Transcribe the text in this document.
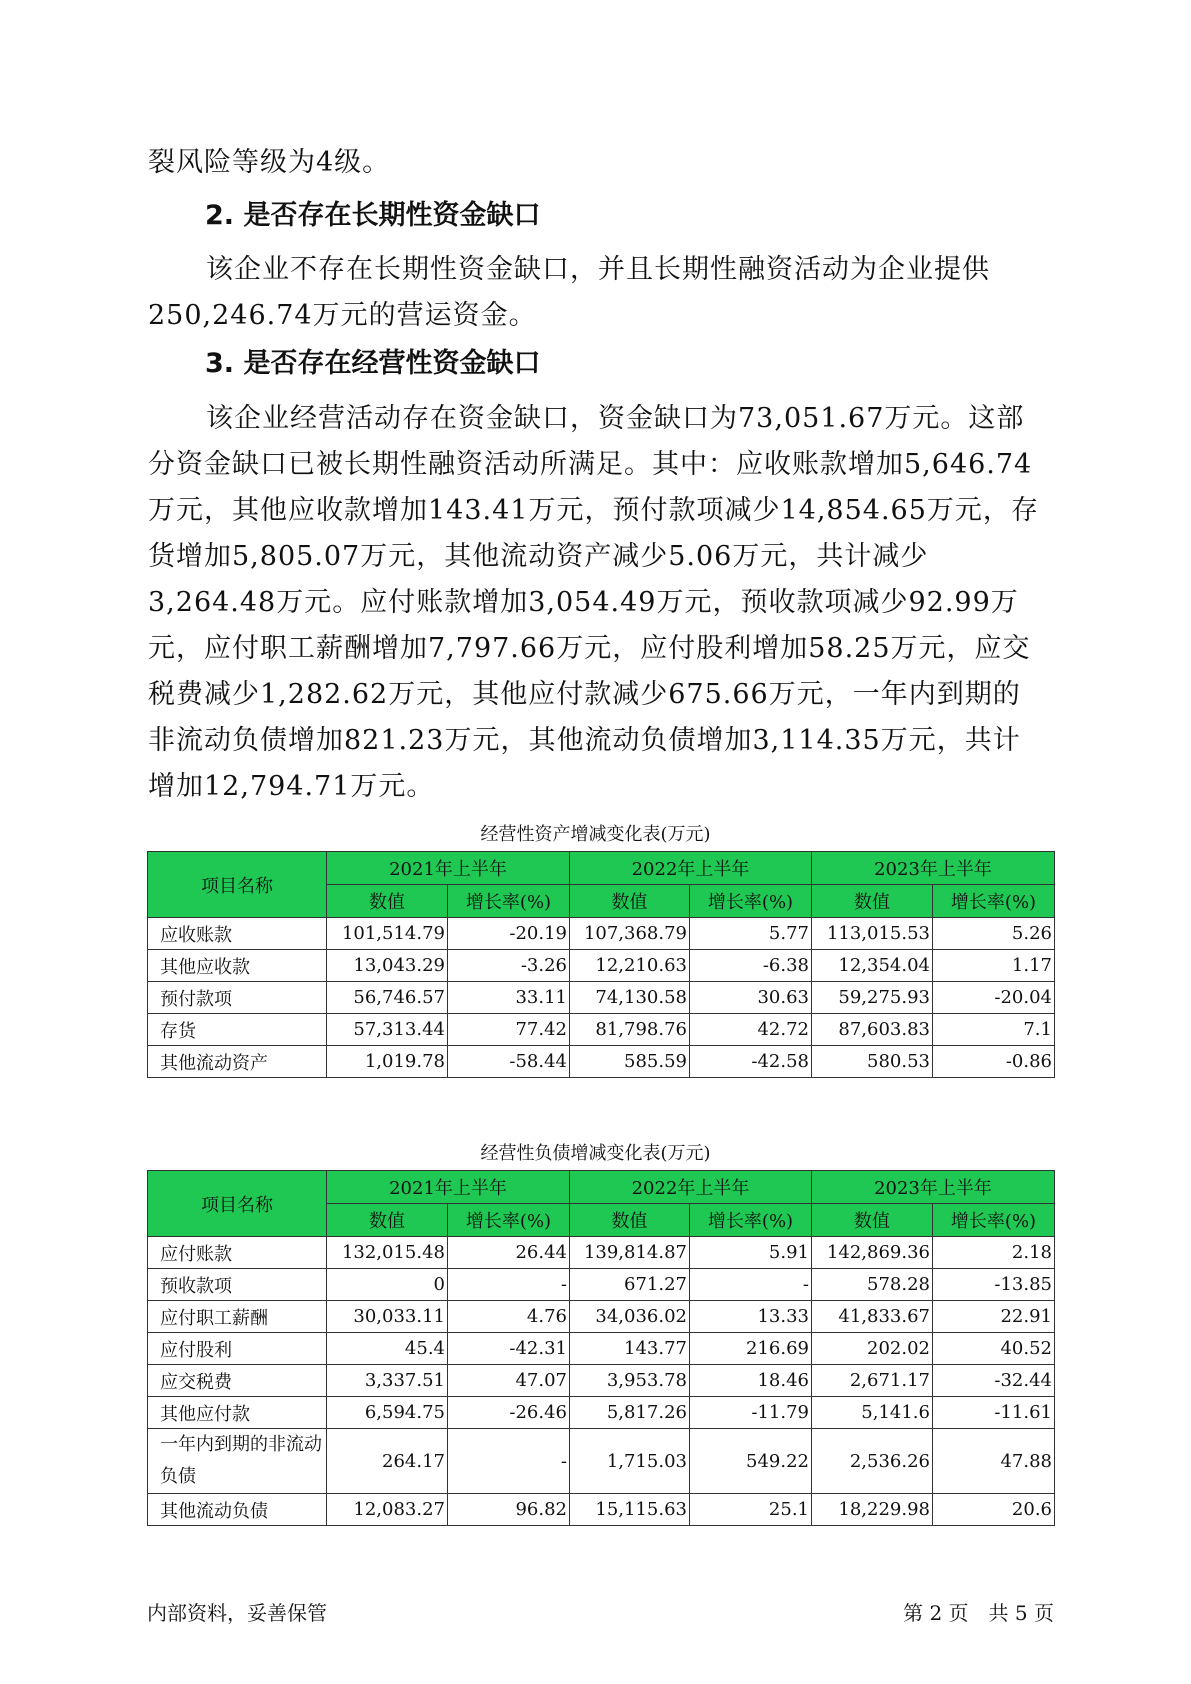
裂风险等级为4级。

2. 是否存在长期性资金缺口

该企业不存在长期性资金缺口，并且长期性融资活动为企业提供250,246.74万元的营运资金。

3. 是否存在经营性资金缺口

该企业经营活动存在资金缺口，资金缺口为73,051.67万元。这部分资金缺口已被长期性融资活动所满足。其中：应收账款增加5,646.74万元，其他应收款增加143.41万元，预付款项减少14,854.65万元，存货增加5,805.07万元，其他流动资产减少5.06万元，共计减少3,264.48万元。应付账款增加3,054.49万元，预收款项减少92.99万元，应付职工薪酬增加7,797.66万元，应付股利增加58.25万元，应交税费减少1,282.62万元，其他应付款减少675.66万元，一年内到期的非流动负债增加821.23万元，其他流动负债增加3,114.35万元，共计增加12,794.71万元。

经营性资产增减变化表(万元)
项目名称	2021年上半年		2022年上半年		2023年上半年	
	数值	增长率(%)	数值	增长率(%)	数值	增长率(%)
应收账款	101,514.79	-20.19	107,368.79	5.77	113,015.53	5.26
其他应收款	13,043.29	-3.26	12,210.63	-6.38	12,354.04	1.17
预付款项	56,746.57	33.11	74,130.58	30.63	59,275.93	-20.04
存货	57,313.44	77.42	81,798.76	42.72	87,603.83	7.1
其他流动资产	1,019.78	-58.44	585.59	-42.58	580.53	-0.86
经营性负债增减变化表(万元)
项目名称	2021年上半年		2022年上半年		2023年上半年	
	数值	增长率(%)	数值	增长率(%)	数值	增长率(%)
应付账款	132,015.48	26.44	139,814.87	5.91	142,869.36	2.18
预收款项	0	-	671.27	-	578.28	-13.85
应付职工薪酬	30,033.11	4.76	34,036.02	13.33	41,833.67	22.91
应付股利	45.4	-42.31	143.77	216.69	202.02	40.52
应交税费	3,337.51	47.07	3,953.78	18.46	2,671.17	-32.44
其他应付款	6,594.75	-26.46	5,817.26	-11.79	5,141.6	-11.61
一年内到期的非流动负债	264.17	-	1,715.03	549.22	2,536.26	47.88
其他流动负债	12,083.27	96.82	15,115.63	25.1	18,229.98	20.6
内部资料，妥善保管	第 2 页　共 5 页
